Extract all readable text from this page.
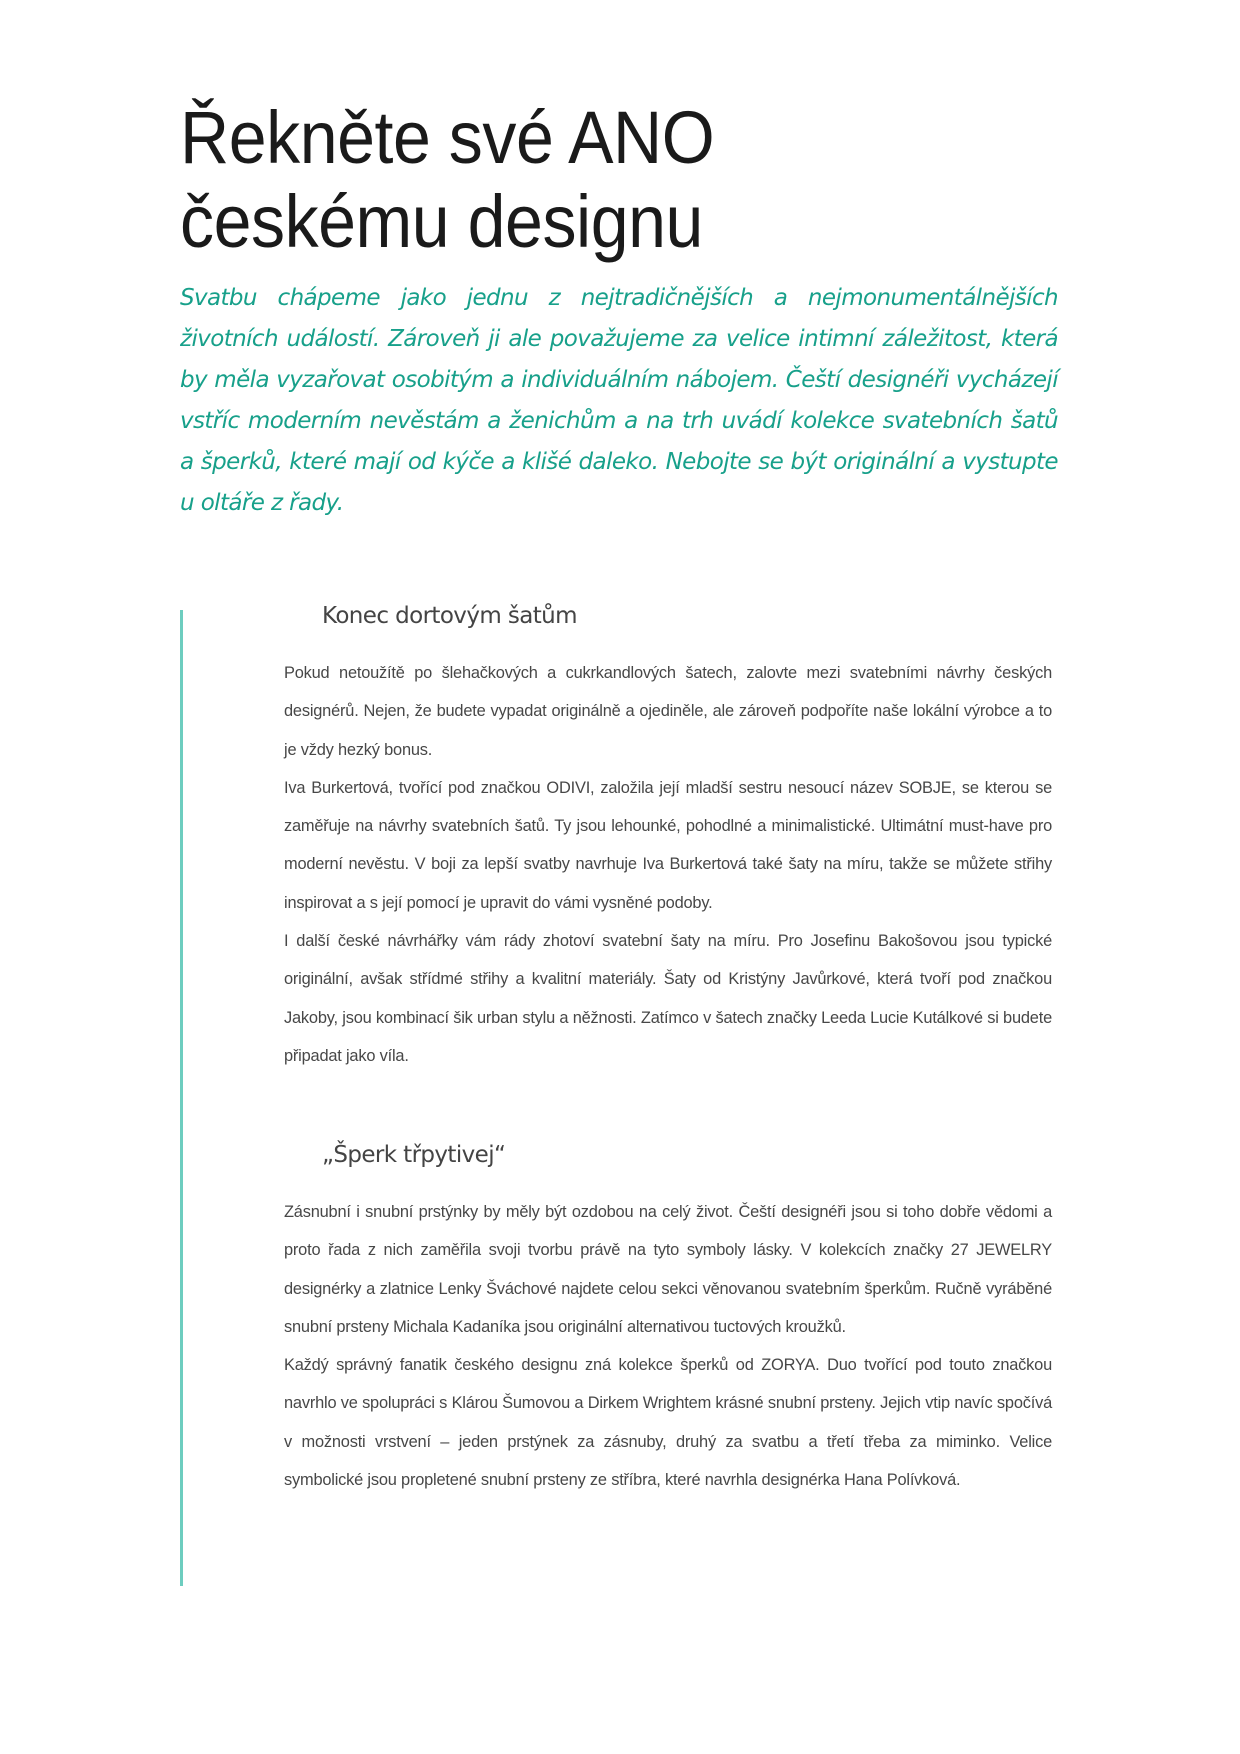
Řekněte své ANO
českému designu

Svatbu chápeme jako jednu z nejtradičnějších a nejmonumentálnějších životních událostí. Zároveň ji ale považujeme za velice intimní záležitost, která by měla vyzařovat osobitým a individuálním nábojem. Čeští designéři vycházejí vstříc moderním nevěstám a ženichům a na trh uvádí kolekce svatebních šatů a šperků, které mají od kýče a klišé daleko. Nebojte se být originální a vystupte u oltáře z řady.

Konec dortovým šatům

Pokud netoužítě po šlehačkových a cukrkandlových šatech, zalovte mezi svatebními návrhy českých designérů. Nejen, že budete vypadat originálně a ojediněle, ale zároveň podpoříte naše lokální výrobce a to je vždy hezký bonus.

Iva Burkertová, tvořící pod značkou ODIVI, založila její mladší sestru nesoucí název SOBJE, se kterou se zaměřuje na návrhy svatebních šatů. Ty jsou lehounké, pohodlné a minimalistické. Ultimátní must-have pro moderní nevěstu. V boji za lepší svatby navrhuje Iva Burkertová také šaty na míru, takže se můžete střihy inspirovat a s její pomocí je upravit do vámi vysněné podoby.

I další české návrhářky vám rády zhotoví svatební šaty na míru. Pro Josefinu Bakošovou jsou typické originální, avšak střídmé střihy a kvalitní materiály. Šaty od Kristýny Javůrkové, která tvoří pod značkou Jakoby, jsou kombinací šik urban stylu a něžnosti. Zatímco v šatech značky Leeda Lucie Kutálkové si budete připadat jako víla.

„Šperk třpytivej“

Zásnubní i snubní prstýnky by měly být ozdobou na celý život. Čeští designéři jsou si toho dobře vědomi a proto řada z nich zaměřila svoji tvorbu právě na tyto symboly lásky. V kolekcích značky 27 JEWELRY designérky a zlatnice Lenky Šváchové najdete celou sekci věnovanou svatebním šperkům. Ručně vyráběné snubní prsteny Michala Kadaníka jsou originální alternativou tuctových kroužků.

Každý správný fanatik českého designu zná kolekce šperků od ZORYA. Duo tvořící pod touto značkou navrhlo ve spolupráci s Klárou Šumovou a Dirkem Wrightem krásné snubní prsteny. Jejich vtip navíc spočívá v možnosti vrstvení – jeden prstýnek za zásnuby, druhý za svatbu a třetí třeba za miminko. Velice symbolické jsou propletené snubní prsteny ze stříbra, které navrhla designérka Hana Polívková.
